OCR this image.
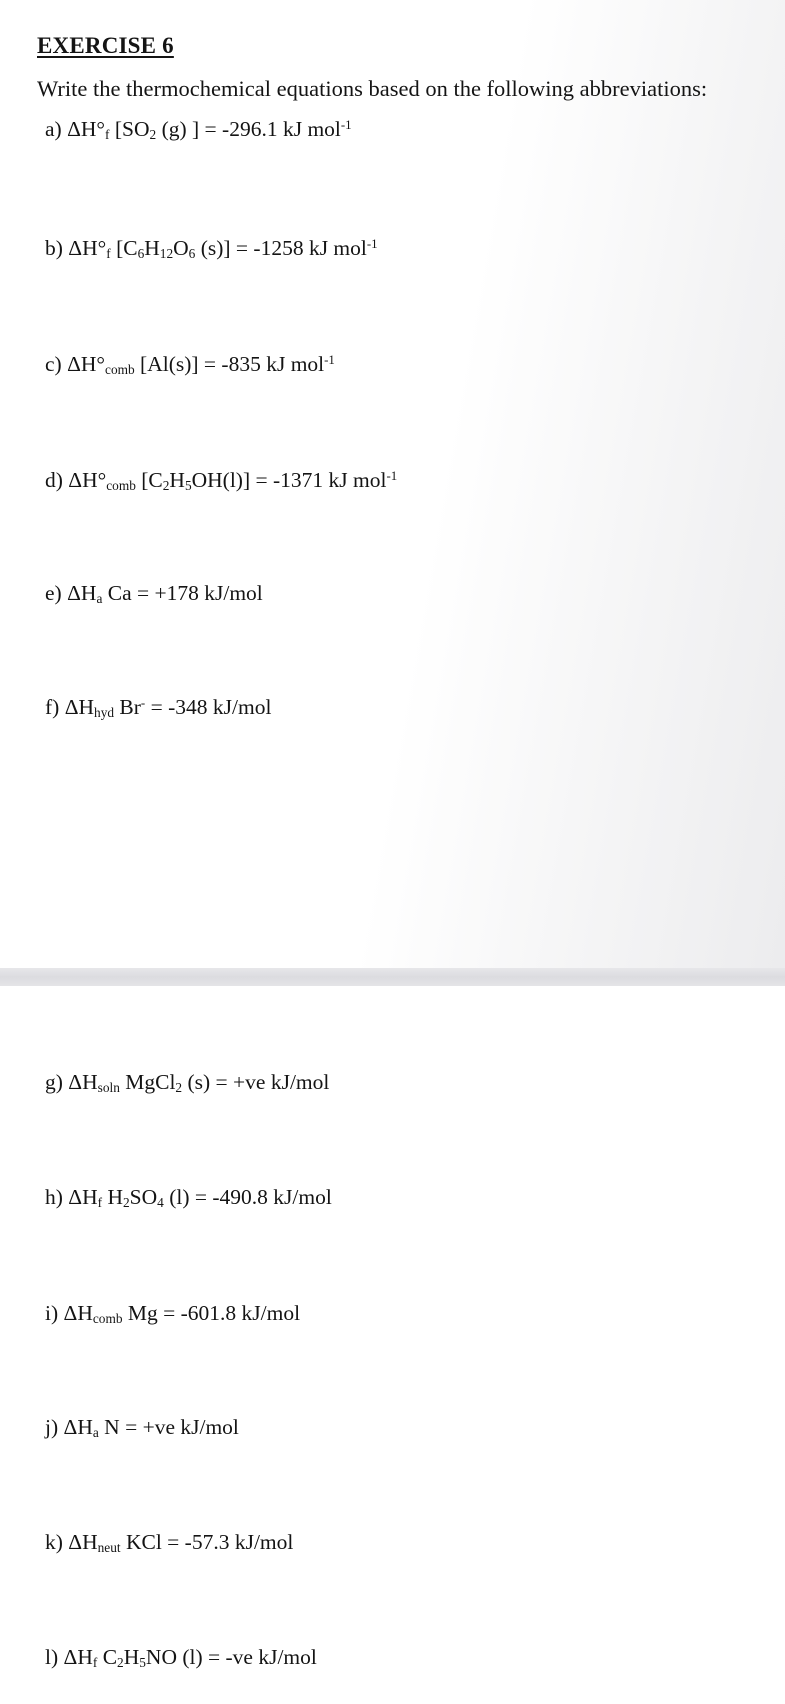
EXERCISE 6
Write the thermochemical equations based on the following abbreviations:
a) $\Delta H^\circ_f$ [$SO_2$ (g) ] = -296.1 kJ mol$^{-1}$
b) $\Delta H^\circ_f$ [$C_6H_{12}O_6$ (s)] = -1258 kJ mol$^{-1}$
c) $\Delta H^\circ_{comb}$ [Al(s)] = -835 kJ mol$^{-1}$
d) $\Delta H^\circ_{comb}$ $[C_2H_5OH(l)] = -1371$ kJ mol$^{-1}$
e) $\Delta H_a$ Ca = +178 kJ/mol
f) $\Delta H_{hyd}$ Br- = -348 kJ/mol
g) $\Delta H_{soln}$ MgCl$_2$ (s) = +ve kJ/mol
h) $\Delta H_f$ $H_2SO_4$ (l) = -490.8 kJ/mol
i) $\Delta H_{comb}$ Mg = -601.8 kJ/mol
j) $\Delta H_a$ N = +ve kJ/mol
k) $\Delta H_{neut}$ KCl = -57.3 kJ/mol
l) $\Delta H_f$ $C_2H_5NO$ (l) = -ve kJ/mol
